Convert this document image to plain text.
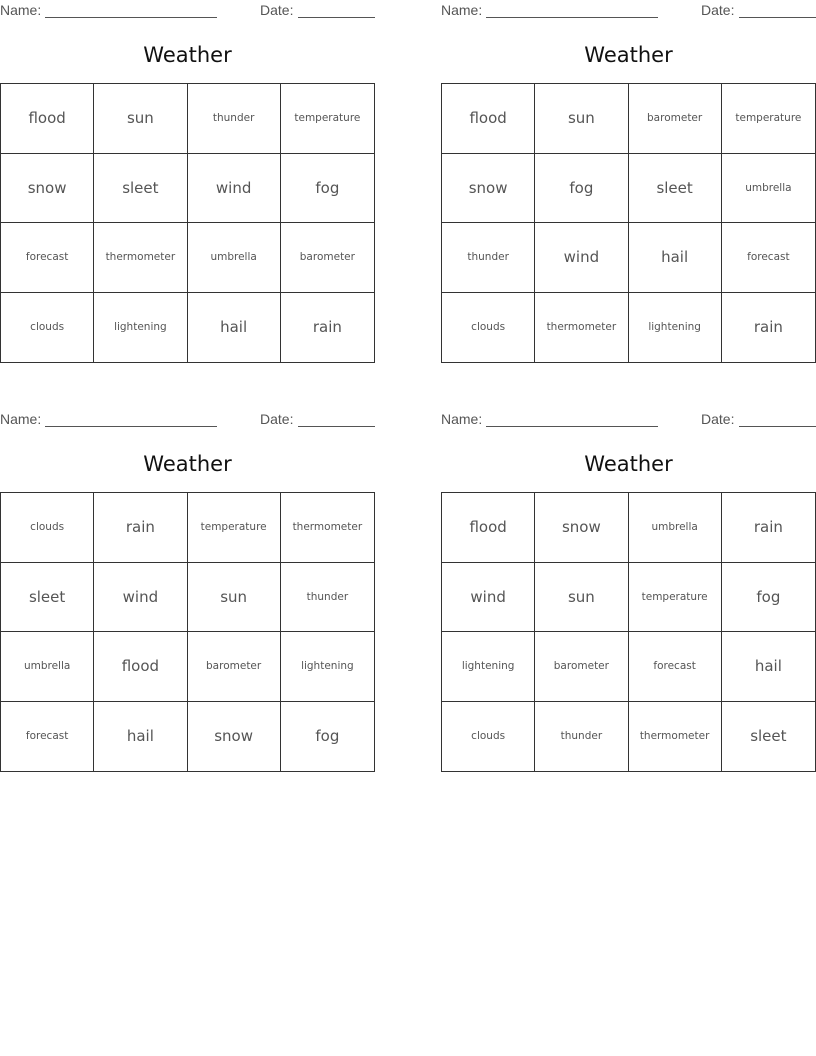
Name:	Date:
Weather
flood	sun	thunder	temperature
snow	sleet	wind	fog
forecast	thermometer	umbrella	barometer
clouds	lightening	hail	rain
Name:	Date:
Weather
flood	sun	barometer	temperature
snow	fog	sleet	umbrella
thunder	wind	hail	forecast
clouds	thermometer	lightening	rain
Name:	Date:
Weather
clouds	rain	temperature	thermometer
sleet	wind	sun	thunder
umbrella	flood	barometer	lightening
forecast	hail	snow	fog
Name:	Date:
Weather
flood	snow	umbrella	rain
wind	sun	temperature	fog
lightening	barometer	forecast	hail
clouds	thunder	thermometer	sleet
